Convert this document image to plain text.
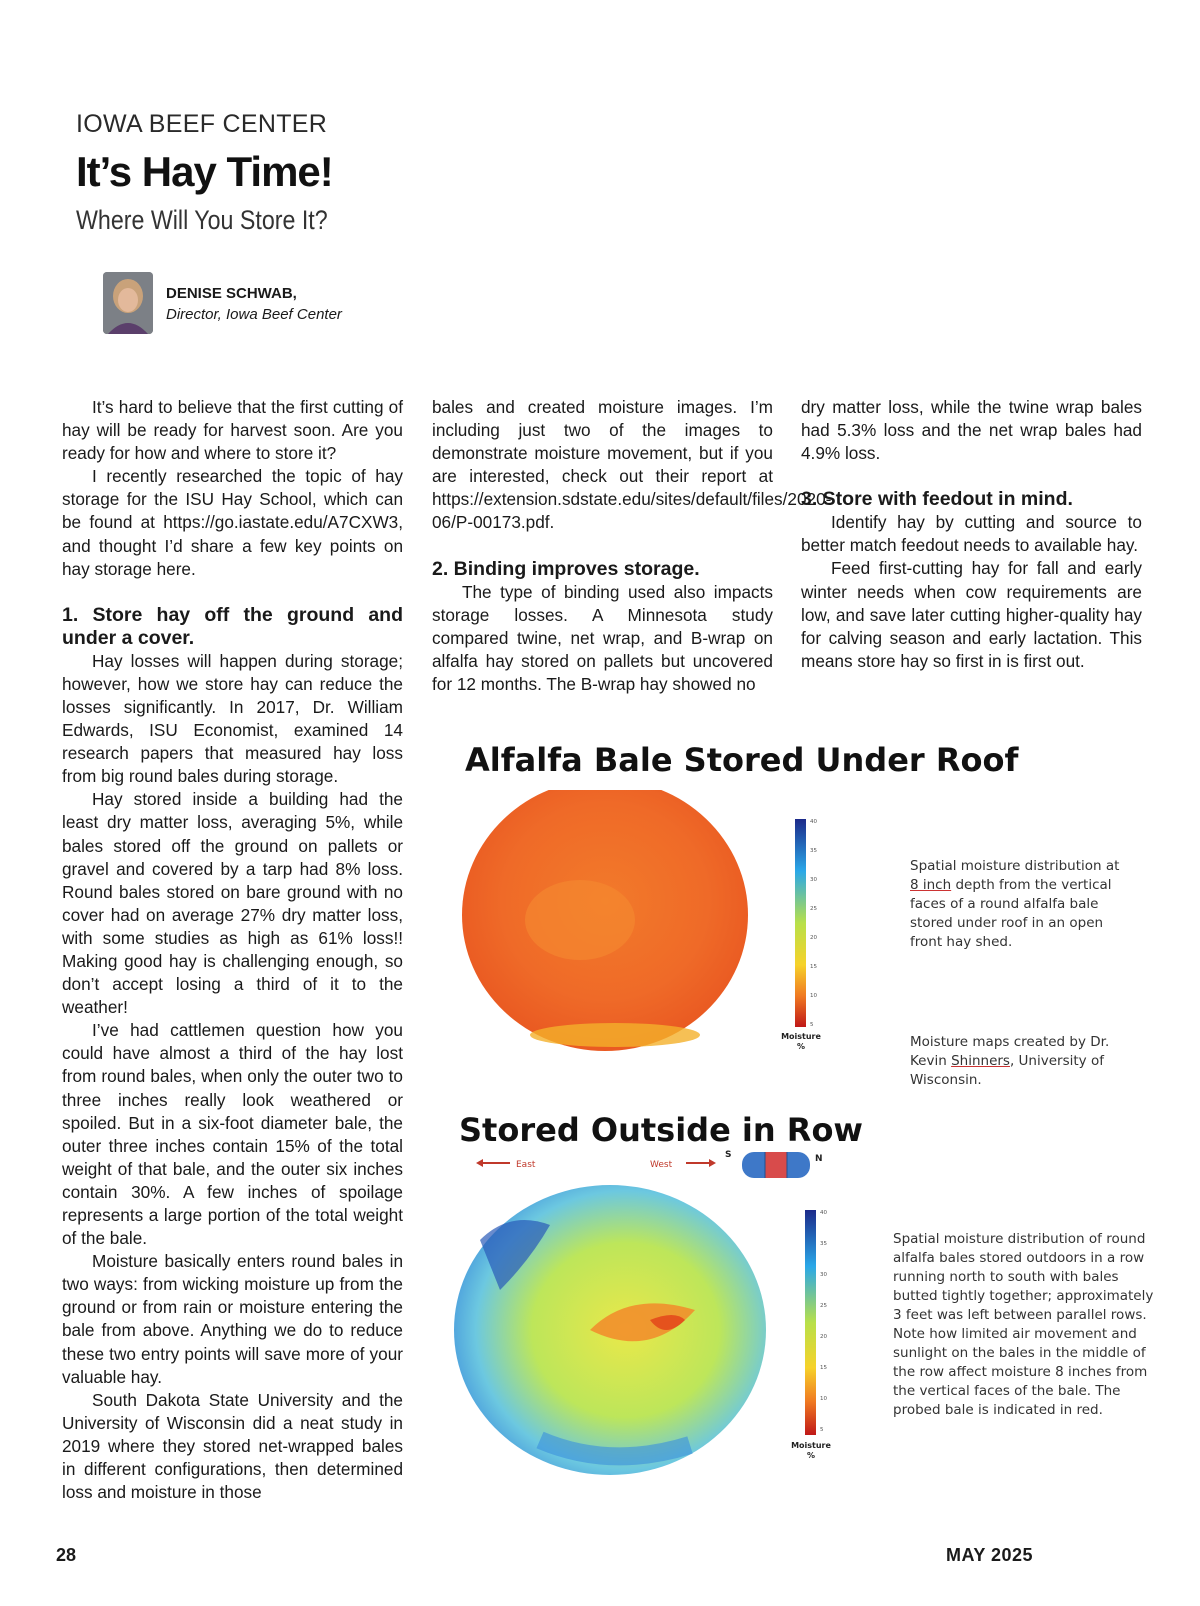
IOWA BEEF CENTER
It’s Hay Time!
Where Will You Store It?
DENISE SCHWAB,
Director, Iowa Beef Center

It’s hard to believe that the first cutting of hay will be ready for harvest soon. Are you ready for how and where to store it?

I recently researched the topic of hay storage for the ISU Hay School, which can be found at https://go.iastate.edu/A7CXW3, and thought I’d share a few key points on hay storage here.

1. Store hay off the ground and under a cover.

Hay losses will happen during storage; however, how we store hay can reduce the losses significantly. In 2017, Dr. William Edwards, ISU Economist, examined 14 research papers that measured hay loss from big round bales during storage.

Hay stored inside a building had the least dry matter loss, averaging 5%, while bales stored off the ground on pallets or gravel and covered by a tarp had 8% loss. Round bales stored on bare ground with no cover had on average 27% dry matter loss, with some studies as high as 61% loss!! Making good hay is challenging enough, so don’t accept losing a third of it to the weather!

I’ve had cattlemen question how you could have almost a third of the hay lost from round bales, when only the outer two to three inches really look weathered or spoiled. But in a six-foot diameter bale, the outer three inches contain 15% of the total weight of that bale, and the outer six inches contain 30%. A few inches of spoilage represents a large portion of the total weight of the bale.

Moisture basically enters round bales in two ways: from wicking moisture up from the ground or from rain or moisture entering the bale from above. Anything we do to reduce these two entry points will save more of your valuable hay.

South Dakota State University and the University of Wisconsin did a neat study in 2019 where they stored net-wrapped bales in different configurations, then determined loss and moisture in those

bales and created moisture images. I’m including just two of the images to demonstrate moisture movement, but if you are interested, check out their report at https://extension.sdstate.edu/sites/default/files/2020-06/P-00173.pdf.

2. Binding improves storage.

The type of binding used also impacts storage losses. A Minnesota study compared twine, net wrap, and B-wrap on alfalfa hay stored on pallets but uncovered for 12 months. The B-wrap hay showed no

dry matter loss, while the twine wrap bales had 5.3% loss and the net wrap bales had 4.9% loss.

3. Store with feedout in mind.

Identify hay by cutting and source to better match feedout needs to available hay.

Feed first-cutting hay for fall and early winter needs when cow requirements are low, and save later cutting higher-quality hay for calving season and early lactation. This means store hay so first in is first out.

Alfalfa Bale Stored Under Roof
40
35
30
25
20
15
10
5
Moisture
%
Spatial moisture distribution at 8 inch depth from the vertical faces of a round alfalfa bale stored under roof in an open front hay shed.
Moisture maps created by Dr. Kevin Shinners, University of Wisconsin.
Stored Outside in Row
East	West
S	N
40
35
30
25
20
15
10
5
Moisture
%
Spatial moisture distribution of round alfalfa bales stored outdoors in a row running north to south with bales butted tightly together; approximately 3 feet was left between parallel rows. Note how limited air movement and sunlight on the bales in the middle of the row affect moisture 8 inches from the vertical faces of the bale. The probed bale is indicated in red.
28	MAY 2025
